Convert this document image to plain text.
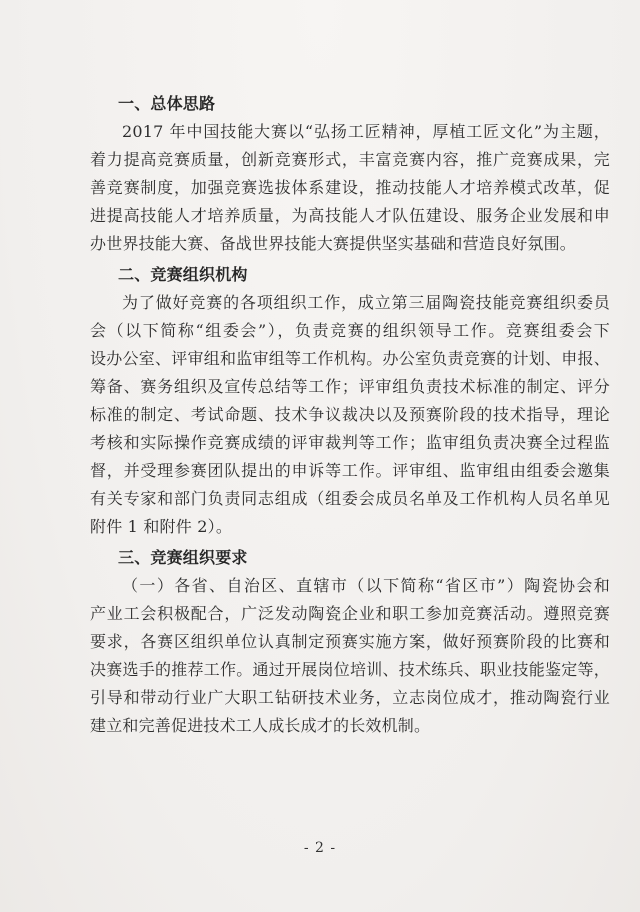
一、总体思路
2017 年中国技能大赛以“弘扬工匠精神，厚植工匠文化”为主题，
着力提高竞赛质量，创新竞赛形式，丰富竞赛内容，推广竞赛成果，完
善竞赛制度，加强竞赛选拔体系建设，推动技能人才培养模式改革，促
进提高技能人才培养质量，为高技能人才队伍建设、服务企业发展和申
办世界技能大赛、备战世界技能大赛提供坚实基础和营造良好氛围。
二、竞赛组织机构
为了做好竞赛的各项组织工作，成立第三届陶瓷技能竞赛组织委员
会（以下简称“组委会”），负责竞赛的组织领导工作。竞赛组委会下
设办公室、评审组和监审组等工作机构。办公室负责竞赛的计划、申报、
筹备、赛务组织及宣传总结等工作；评审组负责技术标准的制定、评分
标准的制定、考试命题、技术争议裁决以及预赛阶段的技术指导，理论
考核和实际操作竞赛成绩的评审裁判等工作；监审组负责决赛全过程监
督，并受理参赛团队提出的申诉等工作。评审组、监审组由组委会邀集
有关专家和部门负责同志组成（组委会成员名单及工作机构人员名单见
附件 1 和附件 2）。
三、竞赛组织要求
（一）各省、自治区、直辖市（以下简称“省区市”）陶瓷协会和
产业工会积极配合，广泛发动陶瓷企业和职工参加竞赛活动。遵照竞赛
要求，各赛区组织单位认真制定预赛实施方案，做好预赛阶段的比赛和
决赛选手的推荐工作。通过开展岗位培训、技术练兵、职业技能鉴定等，
引导和带动行业广大职工钻研技术业务，立志岗位成才，推动陶瓷行业
建立和完善促进技术工人成长成才的长效机制。
- 2 -
